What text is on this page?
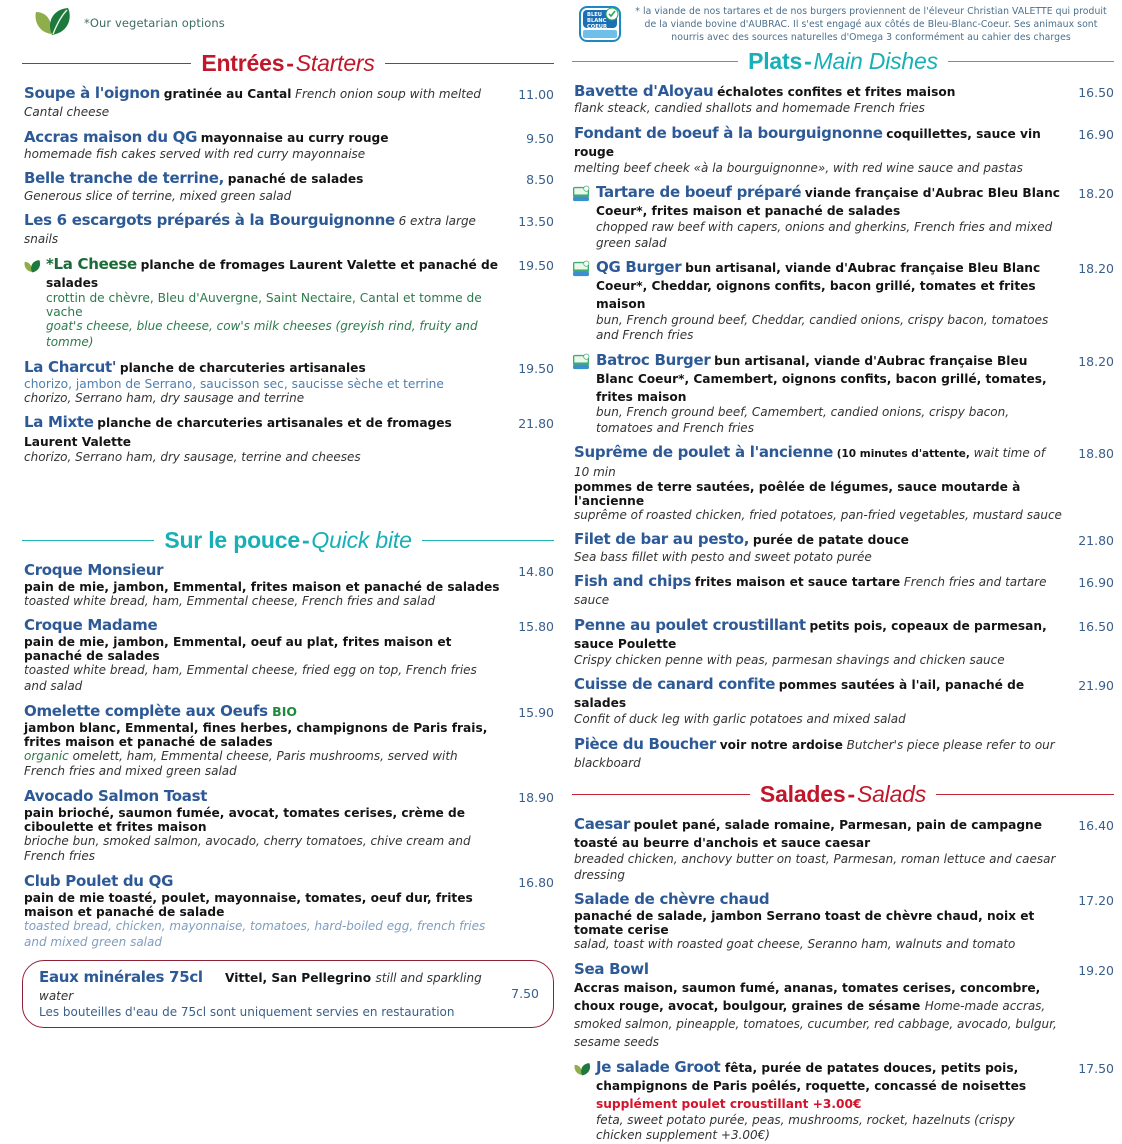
*Our vegetarian options
Entrées-Starters
Soupe à l'oignon gratinée au Cantal French onion soup with melted Cantal cheese
11.00
Accras maison du QG mayonnaise au curry rouge
homemade fish cakes served with red curry mayonnaise
9.50
Belle tranche de terrine, panaché de salades
Generous slice of terrine, mixed green salad
8.50
Les 6 escargots préparés à la Bourguignonne 6 extra large snails
13.50
*La Cheese planche de fromages Laurent Valette et panaché de salades
crottin de chèvre, Bleu d'Auvergne, Saint Nectaire, Cantal et tomme de vache
goat's cheese, blue cheese, cow's milk cheeses (greyish rind, fruity and tomme)
19.50
La Charcut' planche de charcuteries artisanales
chorizo, jambon de Serrano, saucisson sec, saucisse sèche et terrine
chorizo, Serrano ham, dry sausage and terrine
19.50
La Mixte planche de charcuteries artisanales et de fromages Laurent Valette
chorizo, Serrano ham, dry sausage, terrine and cheeses
21.80
Sur le pouce-Quick bite
Croque Monsieur
pain de mie, jambon, Emmental, frites maison et panaché de salades
toasted white bread, ham, Emmental cheese, French fries and salad
14.80
Croque Madame
pain de mie, jambon, Emmental, oeuf au plat, frites maison et panaché de salades
toasted white bread, ham, Emmental cheese, fried egg on top, French fries and salad
15.80
Omelette complète aux Oeufs BIO
jambon blanc, Emmental, fines herbes, champignons de Paris frais, frites maison et panaché de salades
organic omelett, ham, Emmental cheese, Paris mushrooms, served with French fries and mixed green salad
15.90
Avocado Salmon Toast
pain brioché, saumon fumée, avocat, tomates cerises, crème de ciboulette et frites maison
brioche bun, smoked salmon, avocado, cherry tomatoes, chive cream and French fries
18.90
Club Poulet du QG
pain de mie toasté, poulet, mayonnaise, tomates, oeuf dur, frites maison et panaché de salade
toasted bread, chicken, mayonnaise, tomatoes, hard-boiled egg, french fries and mixed green salad
16.80
Eaux minérales 75cl Vittel, San Pellegrino still and sparkling water
Les bouteilles d'eau de 75cl sont uniquement servies en restauration
7.50
BLEU
BLANC
COEUR
* la viande de nos tartares et de nos burgers proviennent de l'éleveur Christian VALETTE qui produit de la viande bovine d'AUBRAC. Il s'est engagé aux côtés de Bleu-Blanc-Coeur. Ses animaux sont nourris avec des sources naturelles d'Omega 3 conformément au cahier des charges
Plats-Main Dishes
Bavette d'Aloyau échalotes confites et frites maison
flank steack, candied shallots and homemade French fries
16.50
Fondant de boeuf à la bourguignonne coquillettes, sauce vin rouge
melting beef cheek «à la bourguignonne», with red wine sauce and pastas
16.90
Tartare de boeuf préparé viande française d'Aubrac Bleu Blanc Coeur*, frites maison et panaché de salades
chopped raw beef with capers, onions and gherkins, French fries and mixed green salad
18.20
QG Burger bun artisanal, viande d'Aubrac française Bleu Blanc Coeur*, Cheddar, oignons confits, bacon grillé, tomates et frites maison
bun, French ground beef, Cheddar, candied onions, crispy bacon, tomatoes and French fries
18.20
Batroc Burger bun artisanal, viande d'Aubrac française Bleu Blanc Coeur*, Camembert, oignons confits, bacon grillé, tomates, frites maison
bun, French ground beef, Camembert, candied onions, crispy bacon, tomatoes and French fries
18.20
Suprême de poulet à l'ancienne (10 minutes d'attente, wait time of 10 min
pommes de terre sautées, poêlée de légumes, sauce moutarde à l'ancienne
suprême of roasted chicken, fried potatoes, pan-fried vegetables, mustard sauce
18.80
Filet de bar au pesto, purée de patate douce
Sea bass fillet with pesto and sweet potato purée
21.80
Fish and chips frites maison et sauce tartare French fries and tartare sauce
16.90
Penne au poulet croustillant petits pois, copeaux de parmesan, sauce Poulette
Crispy chicken penne with peas, parmesan shavings and chicken sauce
16.50
Cuisse de canard confite pommes sautées à l'ail, panaché de salades
Confit of duck leg with garlic potatoes and mixed salad
21.90
Pièce du Boucher voir notre ardoise Butcher's piece please refer to our blackboard
Salades-Salads
Caesar poulet pané, salade romaine, Parmesan, pain de campagne toasté au beurre d'anchois et sauce caesar
breaded chicken, anchovy butter on toast, Parmesan, roman lettuce and caesar dressing
16.40
Salade de chèvre chaud
panaché de salade, jambon Serrano toast de chèvre chaud, noix et tomate cerise
salad, toast with roasted goat cheese, Seranno ham, walnuts and tomato
17.20
Sea Bowl
Accras maison, saumon fumé, ananas, tomates cerises, concombre, choux rouge, avocat, boulgour, graines de sésame Home-made accras, smoked salmon, pineapple, tomatoes, cucumber, red cabbage, avocado, bulgur, sesame seeds
19.20
Je salade Groot fêta, purée de patates douces, petits pois, champignons de Paris poêlés, roquette, concassé de noisettes supplément poulet croustillant +3.00€
feta, sweet potato purée, peas, mushrooms, rocket, hazelnuts (crispy chicken supplement +3.00€)
17.50
